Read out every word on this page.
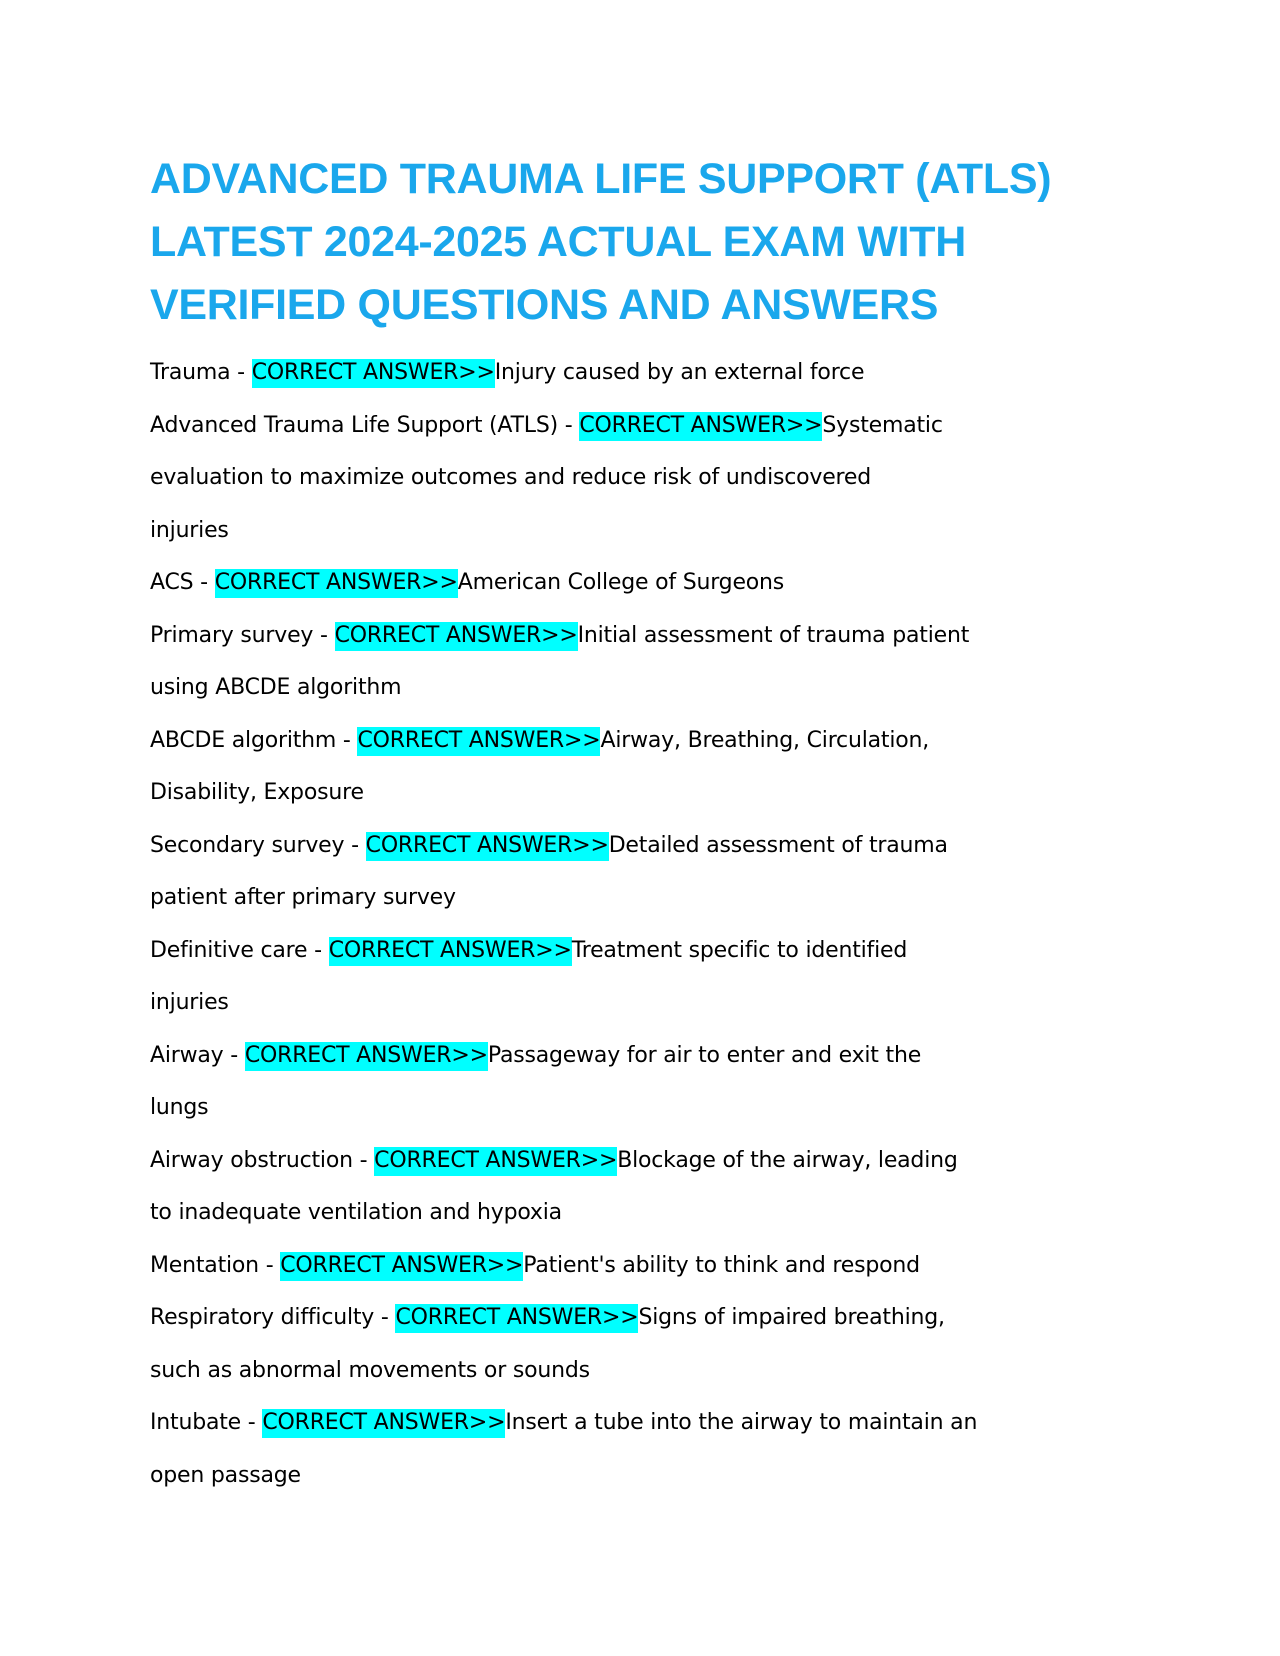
ADVANCED TRAUMA LIFE SUPPORT (ATLS)
LATEST 2024-2025 ACTUAL EXAM WITH
VERIFIED QUESTIONS AND ANSWERS
Trauma - CORRECT ANSWER>>Injury caused by an external force
Advanced Trauma Life Support (ATLS) - CORRECT ANSWER>>Systematic
evaluation to maximize outcomes and reduce risk of undiscovered
injuries
ACS - CORRECT ANSWER>>American College of Surgeons
Primary survey - CORRECT ANSWER>>Initial assessment of trauma patient
using ABCDE algorithm
ABCDE algorithm - CORRECT ANSWER>>Airway, Breathing, Circulation,
Disability, Exposure
Secondary survey - CORRECT ANSWER>>Detailed assessment of trauma
patient after primary survey
Definitive care - CORRECT ANSWER>>Treatment specific to identified
injuries
Airway - CORRECT ANSWER>>Passageway for air to enter and exit the
lungs
Airway obstruction - CORRECT ANSWER>>Blockage of the airway, leading
to inadequate ventilation and hypoxia
Mentation - CORRECT ANSWER>>Patient's ability to think and respond
Respiratory difficulty - CORRECT ANSWER>>Signs of impaired breathing,
such as abnormal movements or sounds
Intubate - CORRECT ANSWER>>Insert a tube into the airway to maintain an
open passage
